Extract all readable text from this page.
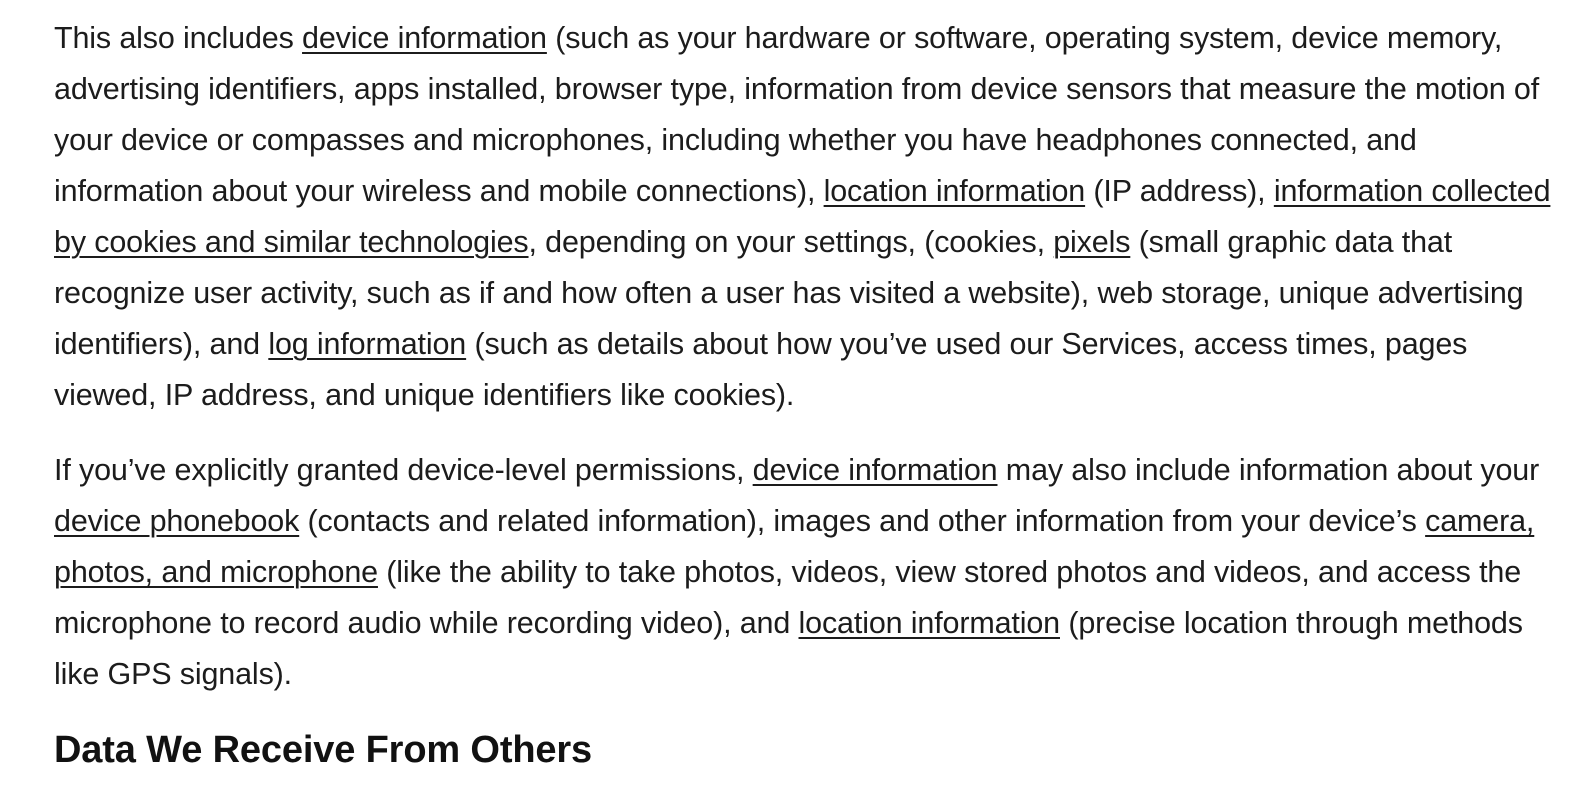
This also includes device information (such as your hardware or software, operating system, device memory, advertising identifiers, apps installed, browser type, information from device sensors that measure the motion of your device or compasses and microphones, including whether you have headphones connected, and information about your wireless and mobile connections), location information (IP address), information collected by cookies and similar technologies, depending on your settings, (cookies, pixels (small graphic data that recognize user activity, such as if and how often a user has visited a website), web storage, unique advertising identifiers), and log information (such as details about how you’ve used our Services, access times, pages viewed, IP address, and unique identifiers like cookies).

If you’ve explicitly granted device-level permissions, device information may also include information about your device phonebook (contacts and related information), images and other information from your device’s camera, photos, and microphone (like the ability to take photos, videos, view stored photos and videos, and access the microphone to record audio while recording video), and location information (precise location through methods like GPS signals).

Data We Receive From Others
